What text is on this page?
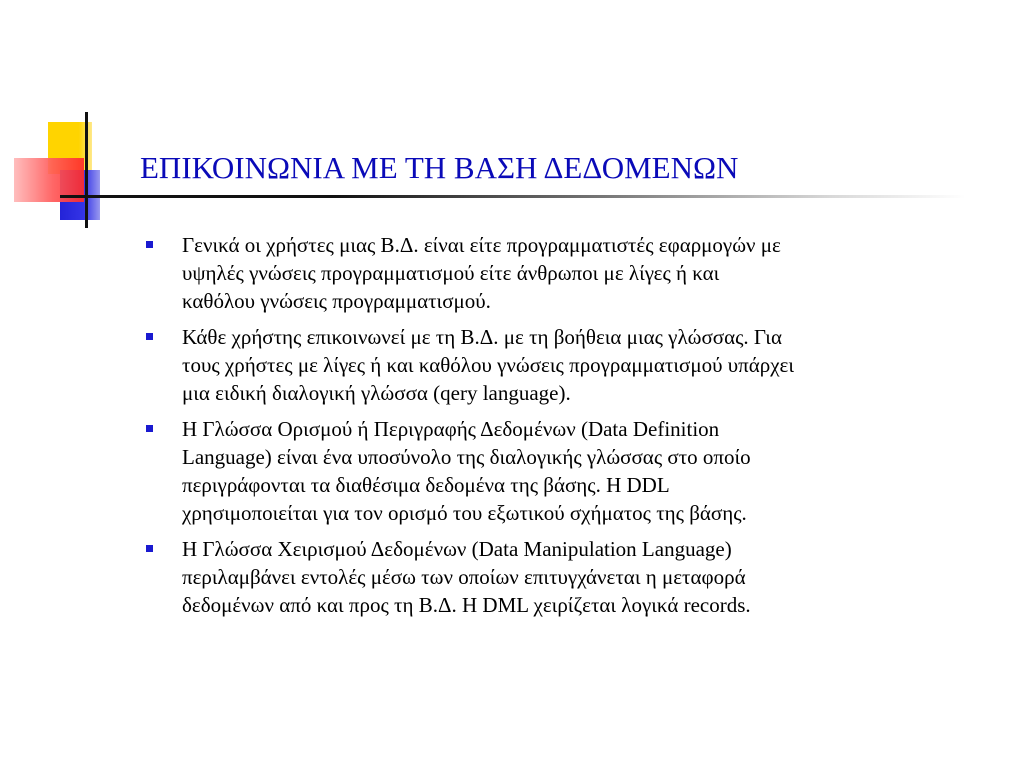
ΕΠΙΚΟΙΝΩΝΙΑ ΜΕ ΤΗ ΒΑΣΗ ΔΕΔΟΜΕΝΩΝ
Γενικά οι χρήστες μιας Β.Δ. είναι είτε προγραμματιστές εφαρμογών με
υψηλές γνώσεις προγραμματισμού είτε άνθρωποι με λίγες ή και
καθόλου γνώσεις προγραμματισμού.
Κάθε χρήστης επικοινωνεί με τη Β.Δ. με τη βοήθεια μιας γλώσσας. Για
τους χρήστες με λίγες ή και καθόλου γνώσεις προγραμματισμού υπάρχει
μια ειδική διαλογική γλώσσα (qery language).
Η Γλώσσα Ορισμού ή Περιγραφής Δεδομένων (Data Definition
Language) είναι ένα υποσύνολο της διαλογικής γλώσσας στο οποίο
περιγράφονται τα διαθέσιμα δεδομένα της βάσης. Η DDL
χρησιμοποιείται για τον ορισμό του εξωτικού σχήματος της βάσης.
Η Γλώσσα Χειρισμού Δεδομένων (Data Manipulation Language)
περιλαμβάνει εντολές μέσω των οποίων επιτυγχάνεται η μεταφορά
δεδομένων από και προς τη Β.Δ. Η DML χειρίζεται λογικά records.
